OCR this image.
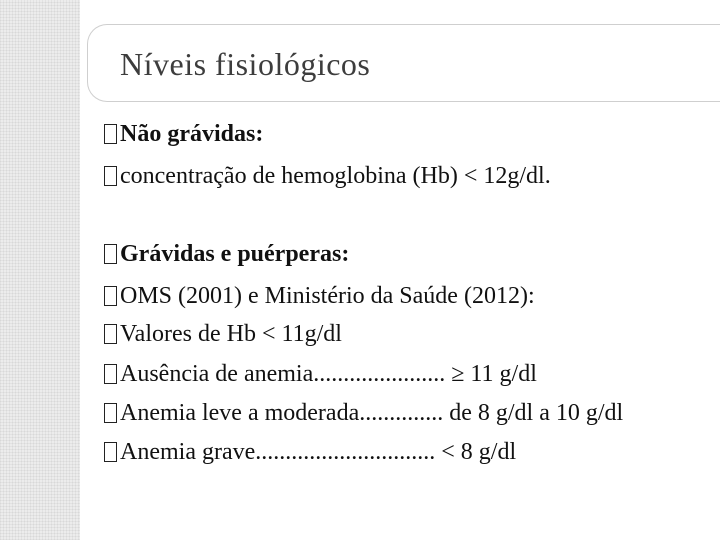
Níveis fisiológicos
Não grávidas:
concentração de hemoglobina (Hb) < 12g/dl.
Grávidas e puérperas:
OMS (2001) e Ministério da Saúde (2012):
Valores de Hb < 11g/dl
Ausência de anemia...................... ≥ 11 g/dl
Anemia leve a moderada.............. de 8 g/dl a 10 g/dl
Anemia grave.............................. < 8 g/dl
